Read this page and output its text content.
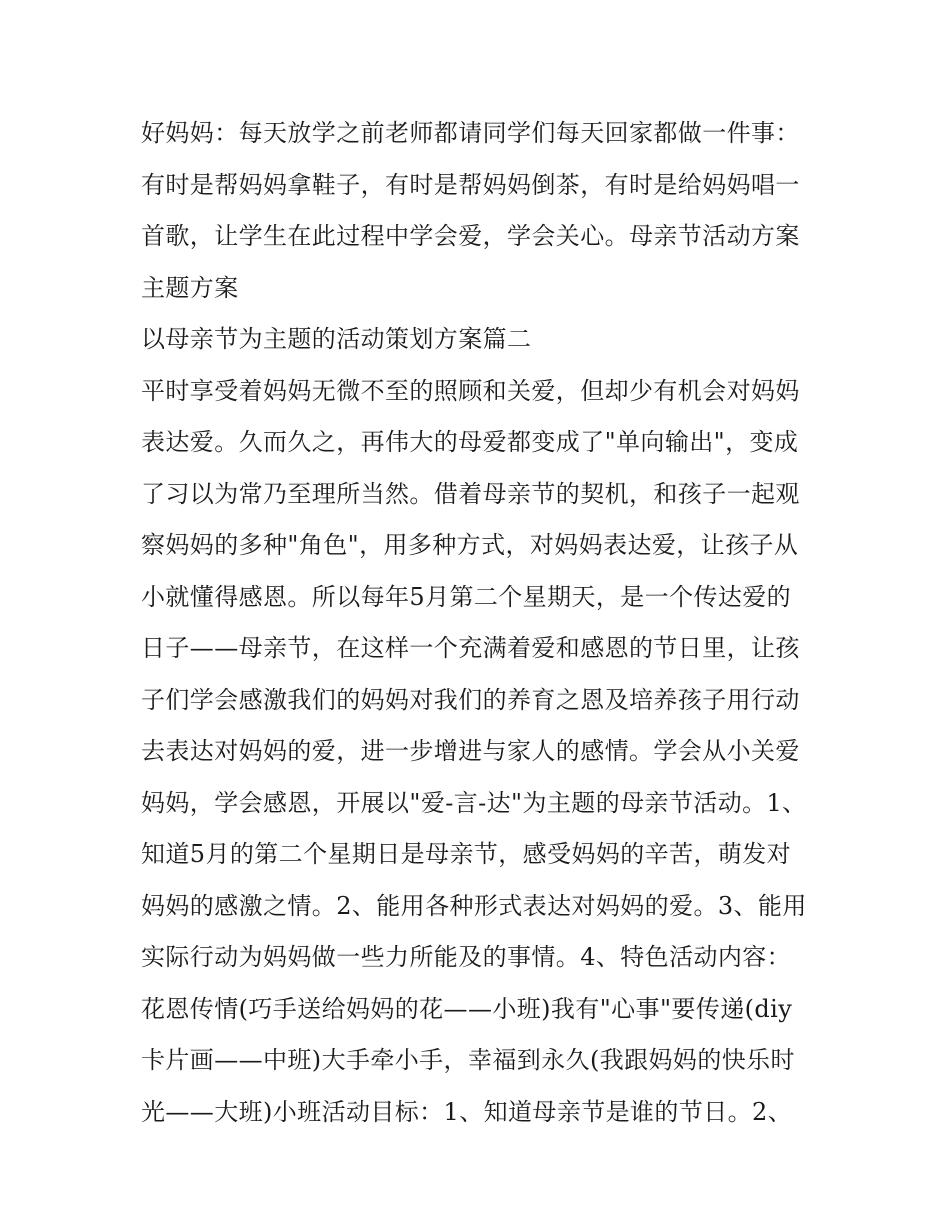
好妈妈：每天放学之前老师都请同学们每天回家都做一件事：
有时是帮妈妈拿鞋子，有时是帮妈妈倒茶，有时是给妈妈唱一
首歌，让学生在此过程中学会爱，学会关心。母亲节活动方案
主题方案
以母亲节为主题的活动策划方案篇二
平时享受着妈妈无微不至的照顾和关爱，但却少有机会对妈妈
表达爱。久而久之，再伟大的母爱都变成了"单向输出"，变成
了习以为常乃至理所当然。借着母亲节的契机，和孩子一起观
察妈妈的多种"角色"，用多种方式，对妈妈表达爱，让孩子从
小就懂得感恩。所以每年5月第二个星期天，是一个传达爱的
日子——母亲节，在这样一个充满着爱和感恩的节日里，让孩
子们学会感激我们的妈妈对我们的养育之恩及培养孩子用行动
去表达对妈妈的爱，进一步增进与家人的感情。学会从小关爱
妈妈，学会感恩，开展以"爱-言-达"为主题的母亲节活动。1、
知道5月的第二个星期日是母亲节，感受妈妈的辛苦，萌发对
妈妈的感激之情。2、能用各种形式表达对妈妈的爱。3、能用
实际行动为妈妈做一些力所能及的事情。4、特色活动内容：
花恩传情(巧手送给妈妈的花——小班)我有"心事"要传递(diy
卡片画——中班)大手牵小手，幸福到永久(我跟妈妈的快乐时
光——大班)小班活动目标：1、知道母亲节是谁的节日。2、
